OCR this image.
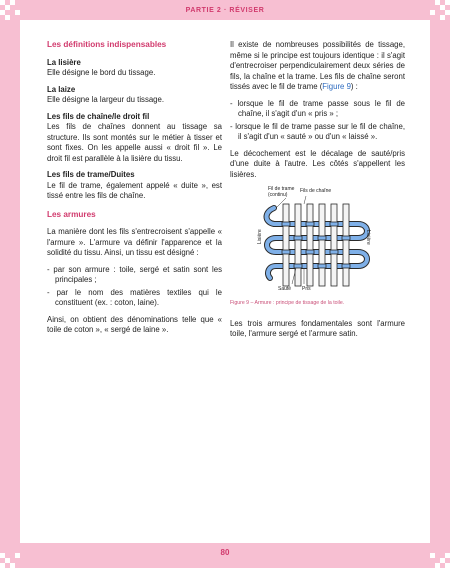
PARTIE 2 · RÉVISER

Les définitions indispensables

La lisière

Elle désigne le bord du tissage.

La laize

Elle désigne la largeur du tissage.

Les fils de chaîne/le droit fil

Les fils de chaînes donnent au tissage sa structure. Ils sont montés sur le métier à tisser et sont fixes. On les appelle aussi « droit fil ». Le droit fil est parallèle à la lisière du tissu.

Les fils de trame/Duites

Le fil de trame, également appelé « duite », est tissé entre les fils de chaîne.

Les armures

La manière dont les fils s'entrecroisent s'appelle « l'armure ». L'armure va définir l'apparence et la solidité du tissu. Ainsi, un tissu est désigné :

- par son armure : toile, sergé et satin sont les principales ;

- par le nom des matières textiles qui le constituent (ex. : coton, laine).

Ainsi, on obtient des dénominations telle que « toile de coton », « sergé de laine ».

Il existe de nombreuses possibilités de tissage, même si le principe est toujours identique : il s'agit d'entrecroiser perpendiculairement deux séries de fils, la chaîne et la trame. Les fils de chaîne seront tissés avec le fil de trame (Figure 9) :

- lorsque le fil de trame passe sous le fil de chaîne, il s'agit d'un « pris » ;

- lorsque le fil de trame passe sur le fil de chaîne, il s'agit d'un « sauté » ou d'un « laissé ».

Le décochement est le décalage de sauté/pris d'une duite à l'autre. Les côtés s'appellent les lisières.

Fil de trame
(continu)
Fils de chaîne
Lisière	Lisière
Sauté Pris

Figure 9 – Armure : principe de tissage de la toile.

Les trois armures fondamentales sont l'armure toile, l'armure sergé et l'armure satin.

80
